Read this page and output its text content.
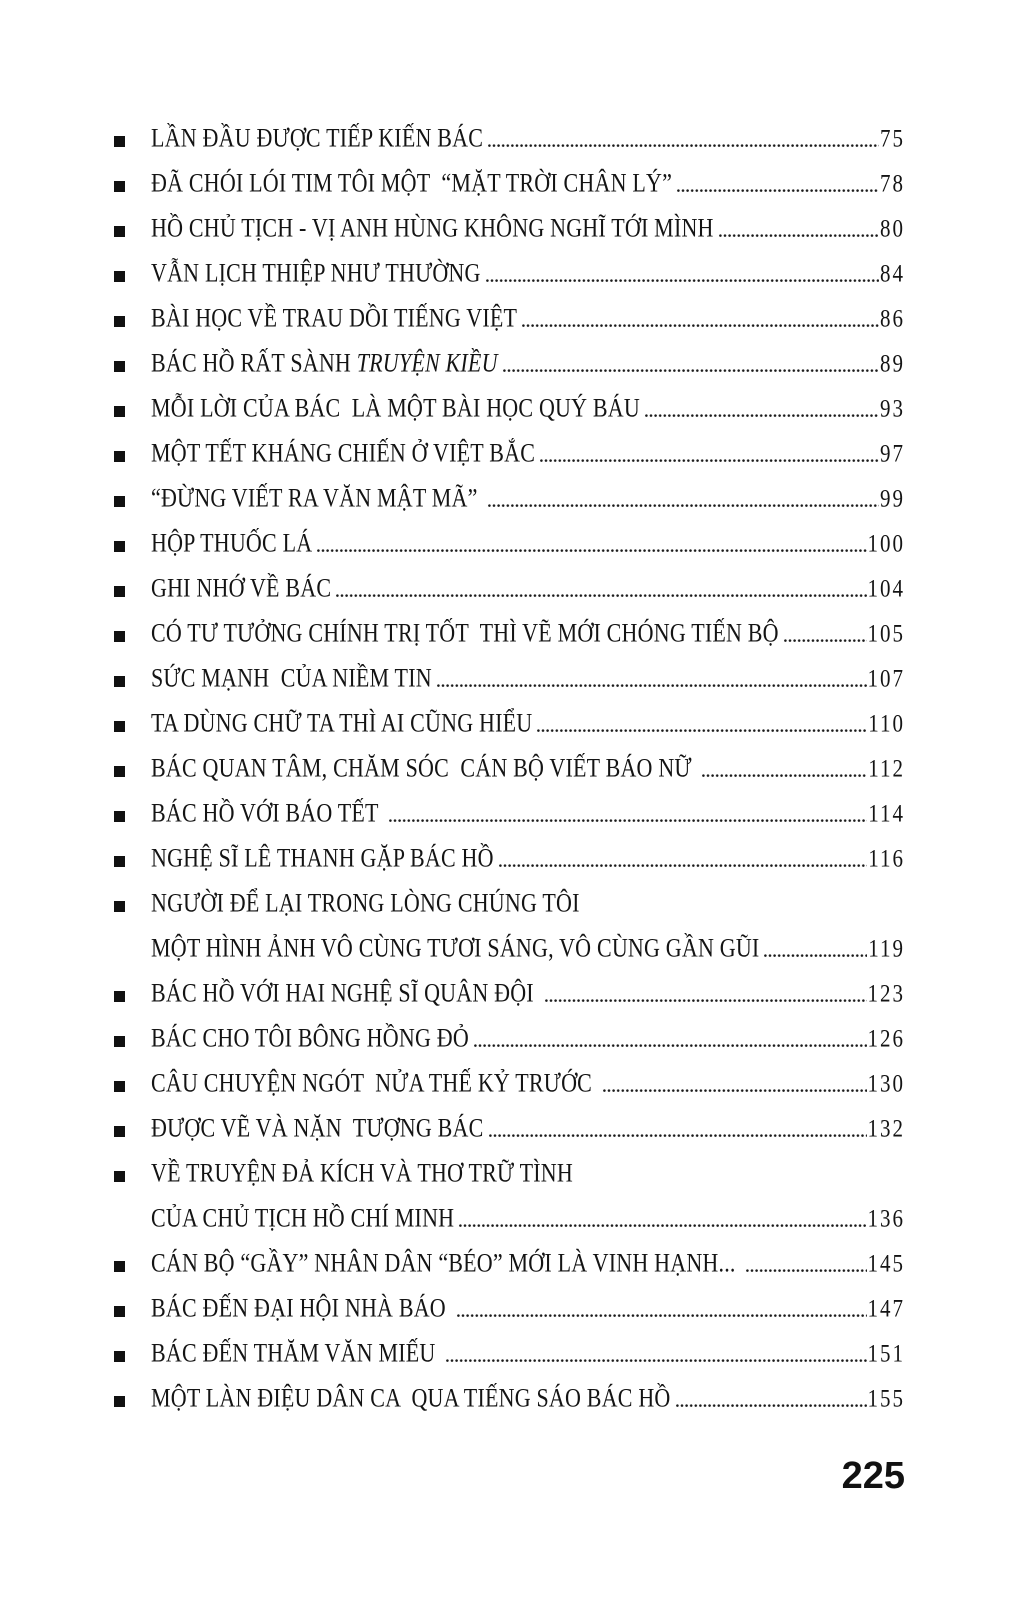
LẦN ĐẦU ĐƯỢC TIẾP KIẾN BÁC	75
ĐÃ CHÓI LÓI TIM TÔI MỘT  “MẶT TRỜI CHÂN LÝ”	78
HỒ CHỦ TỊCH - VỊ ANH HÙNG KHÔNG NGHĨ TỚI MÌNH	80
VẪN LỊCH THIỆP NHƯ THƯỜNG	84
BÀI HỌC VỀ TRAU DỒI TIẾNG VIỆT	86
BÁC HỒ RẤT SÀNH TRUYỆN KIỀU	89
MỖI LỜI CỦA BÁC  LÀ MỘT BÀI HỌC QUÝ BÁU	93
MỘT TẾT KHÁNG CHIẾN Ở VIỆT BẮC	97
“ĐỪNG VIẾT RA VĂN MẬT MÃ”	99
HỘP THUỐC LÁ	100
GHI NHỚ VỀ BÁC	104
CÓ TƯ TƯỞNG CHÍNH TRỊ TỐT  THÌ VẼ MỚI CHÓNG TIẾN BỘ	105
SỨC MẠNH  CỦA NIỀM TIN	107
TA DÙNG CHỮ TA THÌ AI CŨNG HIỂU	110
BÁC QUAN TÂM, CHĂM SÓC  CÁN BỘ VIẾT BÁO NỮ	112
BÁC HỒ VỚI BÁO TẾT	114
NGHỆ SĨ LÊ THANH GẶP BÁC HỒ	116
NGƯỜI ĐỂ LẠI TRONG LÒNG CHÚNG TÔI
MỘT HÌNH ẢNH VÔ CÙNG TƯƠI SÁNG, VÔ CÙNG GẦN GŨI	119
BÁC HỒ VỚI HAI NGHỆ SĨ QUÂN ĐỘI	123
BÁC CHO TÔI BÔNG HỒNG ĐỎ	126
CÂU CHUYỆN NGÓT  NỬA THẾ KỶ TRƯỚC	130
ĐƯỢC VẼ VÀ NẶN  TƯỢNG BÁC	132
VỀ TRUYỆN ĐẢ KÍCH VÀ THƠ TRỮ TÌNH
CỦA CHỦ TỊCH HỒ CHÍ MINH	136
CÁN BỘ “GẦY” NHÂN DÂN “BÉO” MỚI LÀ VINH HẠNH...	145
BÁC ĐẾN ĐẠI HỘI NHÀ BÁO	147
BÁC ĐẾN THĂM VĂN MIẾU	151
MỘT LÀN ĐIỆU DÂN CA  QUA TIẾNG SÁO BÁC HỒ	155
225
